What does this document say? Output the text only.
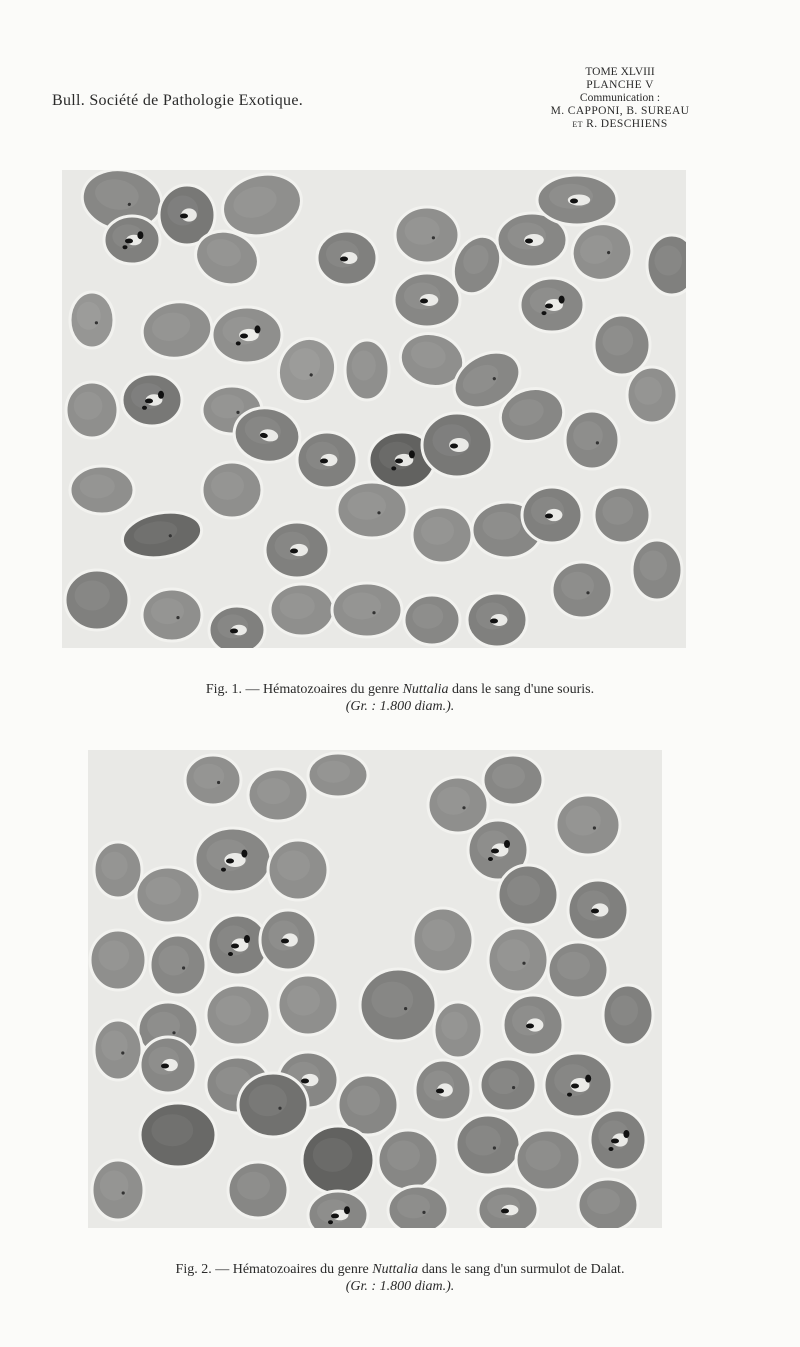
Bull. Société de Pathologie Exotique.
TOME XLVIII
PLANCHE V
Communication :
M. CAPPONI, B. SUREAU
et R. DESCHIENS
Fig. 1. — Hématozoaires du genre Nuttalia dans le sang d'une souris.
(Gr. : 1.800 diam.).
Fig. 2. — Hématozoaires du genre Nuttalia dans le sang d'un surmulot de Dalat.
(Gr. : 1.800 diam.).
